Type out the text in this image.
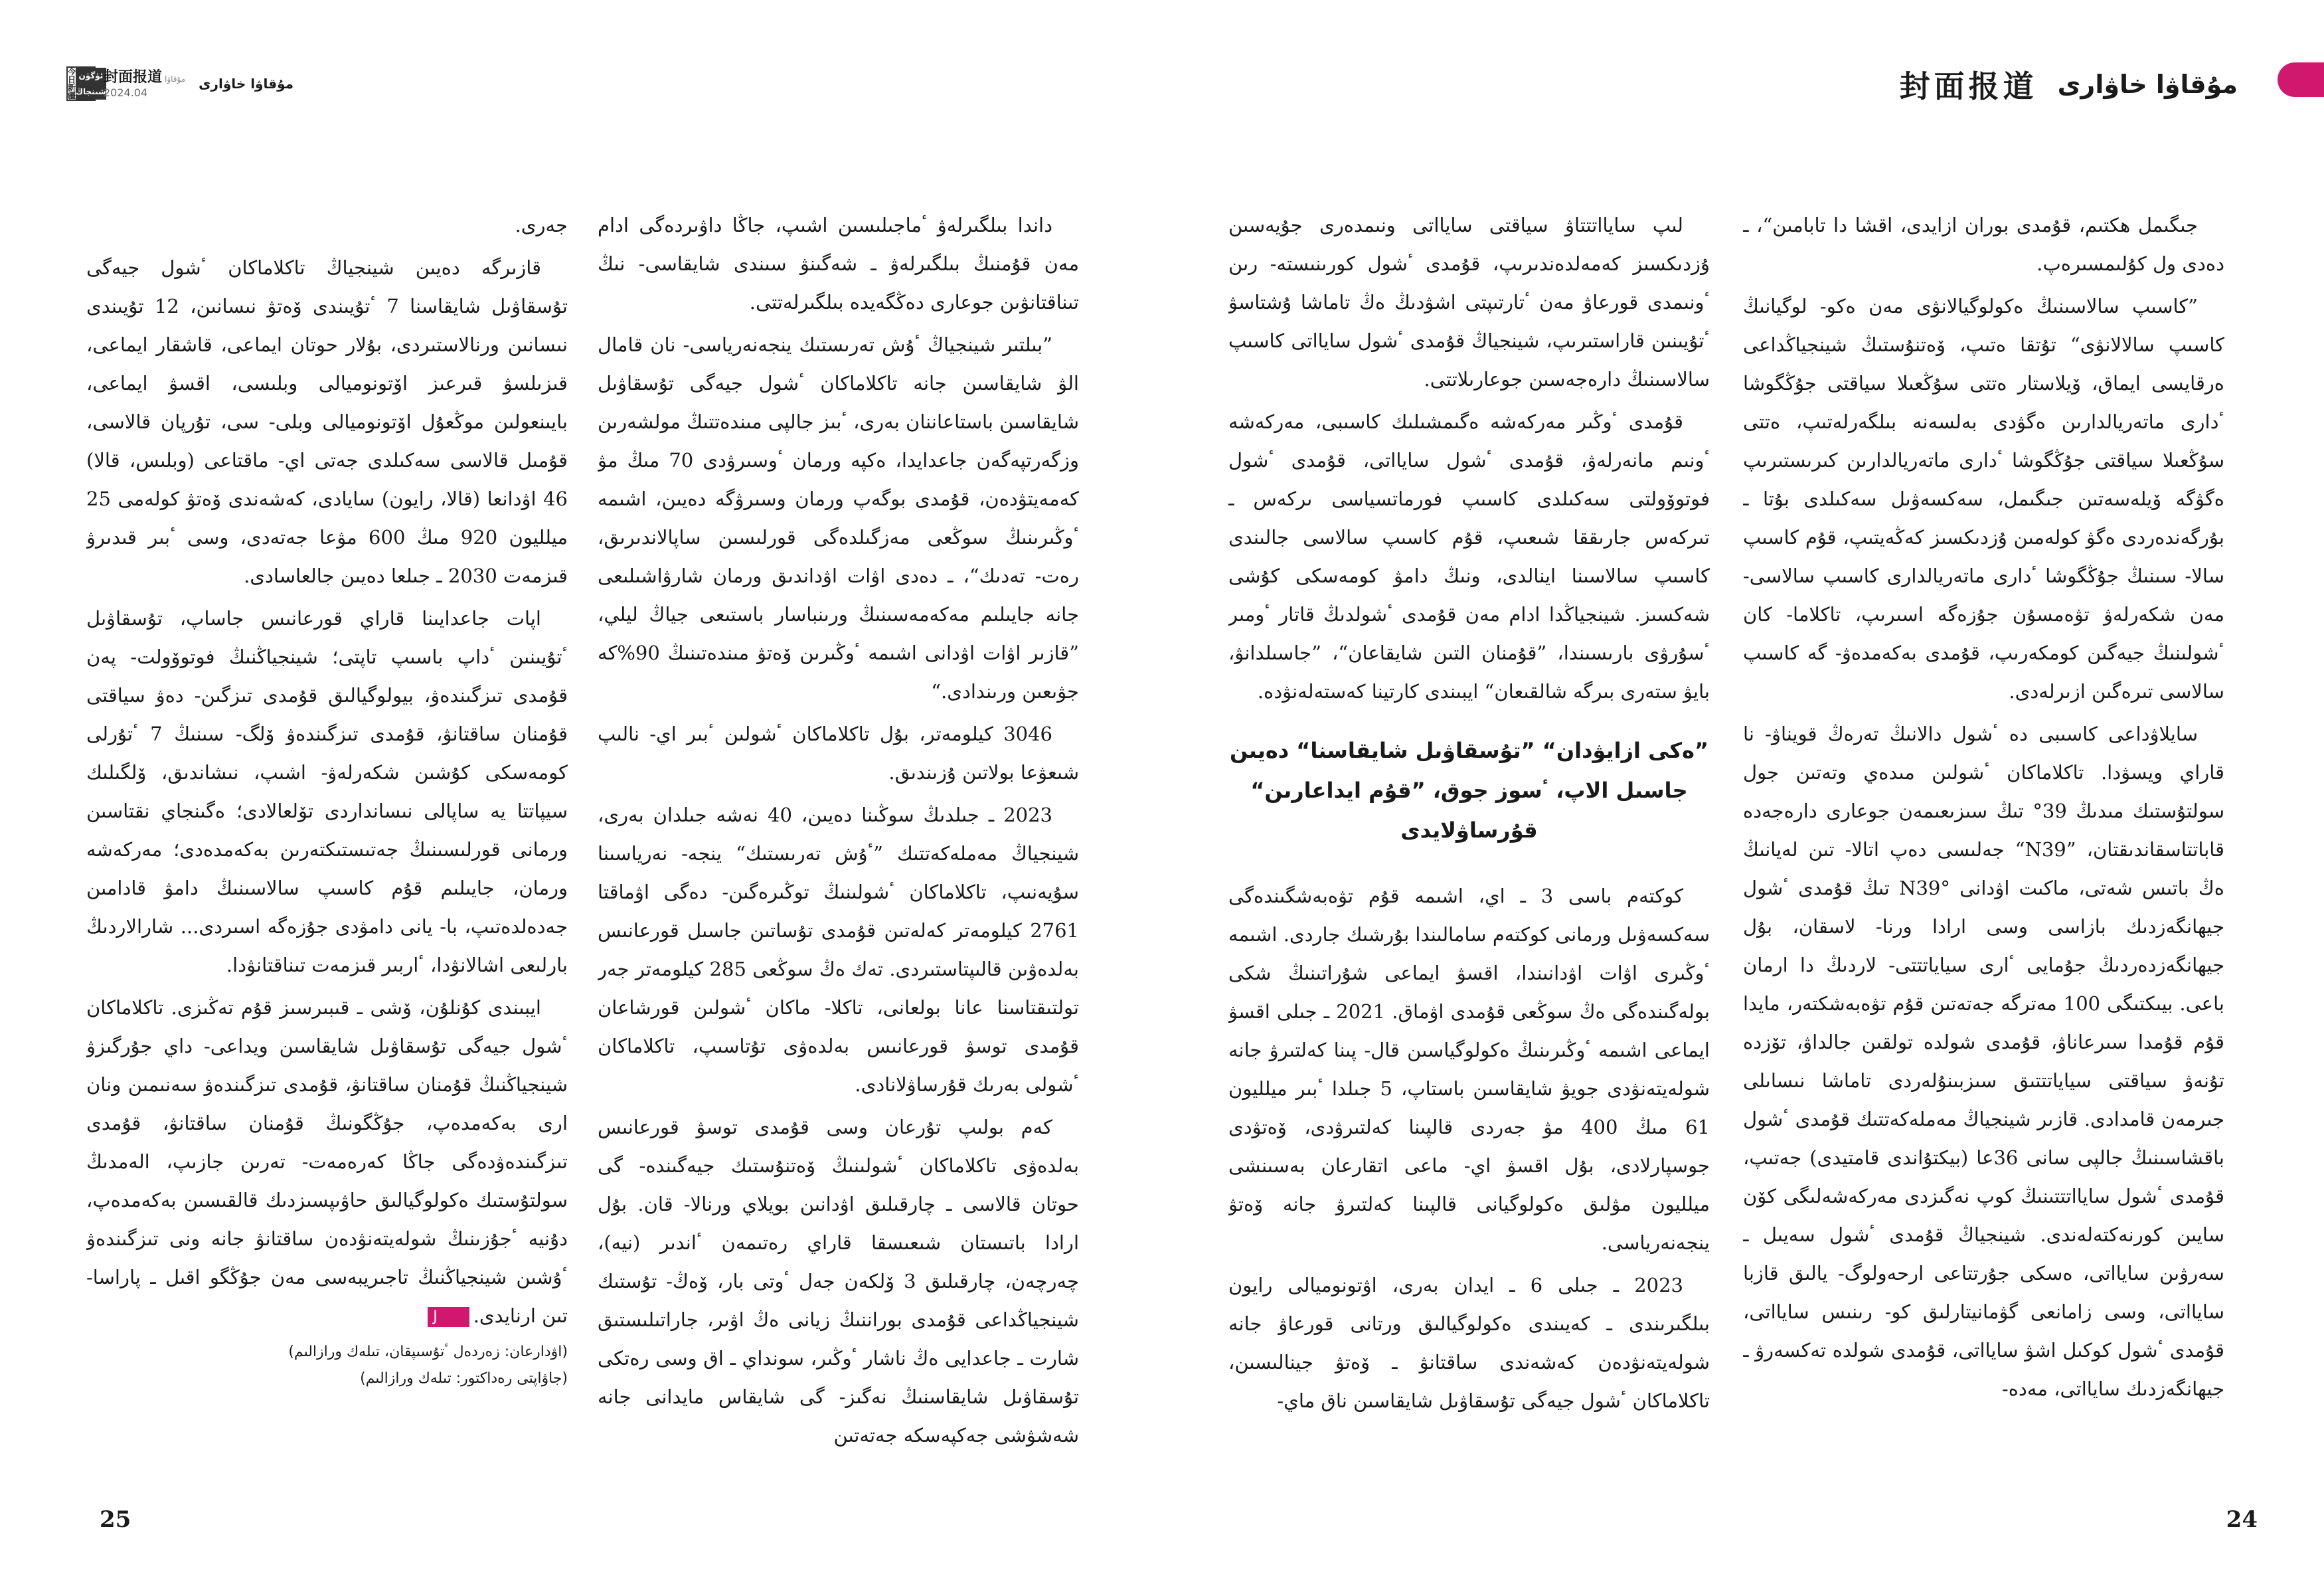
今日 ئۈگۈن
新疆 شىنجاڭ
封面报道 مۇقاۋا
2024.04
مۇقاۋا خاۋارى

داندا بىلگىرلەۋ ٴماجىلىسىن اشىپ، جاڭا داۋىردەگى ادام مەن قۇمنىڭ بىلگىرلەۋ ـ شەگىنۋ سىندى شايقاسى- نىڭ تىناقتانۋىن جوعارى دەڭگەيدە بىلگىرلەتتى.

”بىلتىر شينجياڭ ٴۇش تەرىستىك ينجەنەرياسى- نان قامال الۋ شايقاسىن جانە تاكلاماكان ٴشول جيەگى تۇسقاۋىل شايقاسىن باستاعاننان بەرى، ٴبىز جالپى مىندەتتىڭ مولشەرىن وزگەرتپەگەن جاعدايدا، ەكپە ورمان ٴوسىرۋدى 70 مىڭ مۋ كەمەيتۋدەن، قۇمدى بوگەپ ورمان وسىرۋگە دەيىن، اشىمە ٴوڭىرىنىڭ سوڭعى مەزگىلدەگى قورلىسىن ساپالاندىرىق، رەت- تەدىك“، ـ دەدى اۋات اۋداندىق ورمان شارۋاشىلىعى جانە جايىلىم مەكەمەسىنىڭ ورىنباسار باستىعى جياڭ ليلي، ”قازىر اۋات اۋدانى اشىمە ٴوڭىرىن ۆەتۋ مىندەتىنىڭ 90%كە جۋىعىن ورىندادى.“

3046 كيلومەتر، بۇل تاكلاماكان ٴشولىن ٴبىر اي- نالىپ شىعۋعا بولاتىن ۇزىندىق.

2023 ـ جىلدىڭ سوڭىنا دەيىن، 40 نەشە جىلدان بەرى، شينجياڭ مەملەكەتتىك ”ٴۇش تەرىستىك“ ينجە- نەرياسىنا سۇيەنىپ، تاكلاماكان ٴشولىنىڭ توڭىرەگىن- دەگى اۋماقتا 2761 كيلومەتر كەلەتىن قۇمدى تۇساتىن جاسىل قورعانىس بەلدەۋىن قالىپتاستىردى. تەك ەڭ سوڭعى 285 كيلومەتر جەر تولتىقتاسنا عانا بولعانى، تاكلا- ماكان ٴشولىن قورشاعان قۇمدى توسۋ قورعانىس بەلدەۋى تۇتاسىپ، تاكلاماكان ٴشولى بەرىك قۇرساۋلانادى.

كەم بولىپ تۇرعان وسى قۇمدى توسۋ قورعانىس بەلدەۋى تاكلاماكان ٴشولىنىڭ ۆەتنۇستىك جيەگىندە- گى حوتان قالاسى ـ چارقىلىق اۋدانىن بويلاي ورنالا- قان. بۇل ارادا باتىستان شىعىسقا قاراي رەتىمەن ٴاندىر (نيە)، چەرچەن، چارقىلىق 3 ۆلكەن جەل ٴوتى بار، ۆەڭ- تۇستىك شينجياڭداعى قۇمدى بوراننىڭ زيانى ەڭ اۋىر، جاراتىلىستىق شارت ـ جاعدايى ەڭ ناشار ٴوڭىر، سونداي ـ اق وسى رەتكى تۇسقاۋىل شايقاسنىڭ نەگىز- گى شايقاس مايدانى جانە شەشۋشى جەكپەسكە جەتەتىن

جەرى.

قازىرگە دەيىن شينجياڭ تاكلاماكان ٴشول جيەگى تۇسقاۋىل شايقاسنا 7 ٴتۇيىندى ۆەتۋ نىسانىن، 12 تۇيىندى نىسانىن ورنالاستىردى، بۇلار حوتان ايماعى، قاشقار ايماعى، قىزىلسۋ قىرعىز اۆتونوميالى وبلىسى، اقسۋ ايماعى، بايىنعولىن موڭعۇل اۆتونوميالى وبلى- سى، تۇرپان قالاسى، قۇمىل قالاسى سەكىلدى جەتى اي- ماقتاعى (وبلىس، قالا) 46 اۋدانعا (قالا، رايون) سايادى، كەشەندى ۆەتۋ كولەمى 25 ميلليون 920 مىڭ 600 مۋعا جەتەدى، وسى ٴبىر قىدىرۋ قىزمەت 2030 ـ جىلعا دەيىن جالعاسادى.

اپات جاعدايىنا قاراي قورعانىس جاساپ، تۇسقاۋىل ٴتۇيىنىن ٴداپ باسىپ تاپتى؛ شينجياڭنىڭ فوتوۆولت- پەن قۇمدى تىزگىندەۋ، بيولوگيالىق قۇمدى تىزگىن- دەۋ سياقتى قۇمنان ساقتانۋ، قۇمدى تىزگىندەۋ ۆلگ- سىنىڭ 7 ٴتۇرلى كومەسكى كۇشىن شكەرلەۋ- اشىپ، نىشاندىق، ۆلگىلىك سيپاتتا يە ساپالى نىسانداردى تۆلعالادى؛ ەگىنجاي نقتاسىن ورمانى قورلىسىنىڭ جەتىستىكتەرىن بەكەمدەدى؛ مەركەشە ورمان، جايىلىم قۇم كاسىپ سالاسىنىڭ دامۋ قادامىن جەدەلدەتىپ، با- يانى دامۋدى جۇزەگە اسىردى... شارالاردىڭ بارلىعى اشالانۋدا، ٴاربىر قىزمەت تىناقتانۋدا.

ايبىندى كۇنلۇن، ۆشى ـ قىبىرسىز قۇم تەڭىزى. تاكلاماكان ٴشول جيەگى تۇسقاۋىل شايقاسىن ويداعى- داي جۇرگىزۋ شينجياڭنىڭ قۇمنان ساقتانۋ، قۇمدى تىزگىندەۋ سەنىمىن ونان ارى بەكەمدەپ، جۇڭگونىڭ قۇمنان ساقتانۋ، قۇمدى تىزگىندەۋدەگى جاڭا كەرەمەت- تەرىن جازىپ، الەمدىڭ سولتۇستىك ەكولوگيالىق حاۋىپسىزدىك قالقىسىن بەكەمدەپ، دۇنيە ٴجۇزىنىڭ شولەيتەنۋدەن ساقتانۋ جانە ونى تىزگىندەۋ ٴۇشىن شينجياڭنىڭ تاجىريبەسى مەن جۇڭگو اقىل ـ پاراسا- تىن ارنايدى.J

(اۋدارعان: زەردەل ٴتۇسىپقان، تىلەك ورازالىم)
(جاۋاپتى رەداكتور: تىلەك ورازالىم)
25
封面报道 مۇقاۋا خاۋارى

جىگىمل ھكتىم، قۇمدى بوران ازايدى، اقشا دا تابامىن“، ـ دەدى ول كۇلىمسىرەپ.

”كاسىپ سالاسىنىڭ ەكولوگيالانۋى مەن ەكو- لوگيانىڭ كاسىپ سالالانۋى“ تۇتقا ەتىپ، ۆەتنۇستىڭ شينجياڭداعى ەرقايسى ايماق، ۆيلاستار ەتتى سۇڭعىلا سياقتى جۇڭگوشا ٴدارى ماتەريالدارىن ەگۋدى بەلسەنە بىلگەرلەتىپ، ەتتى سۇڭعىلا سياقتى جۇڭگوشا ٴدارى ماتەريالدارىن كىرىستىرىپ ەگۋگە ۆيلەسەتىن جىگىمل، سەكسەۋىل سەكىلدى بۇتا ـ بۇرگەندەردى ەگۋ كولەمىن ۇزدىكسىز كەڭەيتىپ، قۇم كاسىپ سالا- سىنىڭ جۇڭگوشا ٴدارى ماتەريالدارى كاسىپ سالاسى- مەن شكەرلەۋ تۋەمسۇن جۇزەگە اسىرىپ، تاكلاما- كان ٴشولىنىڭ جيەگىن كومكەرىپ، قۇمدى بەكەمدەۋ- گە كاسىپ سالاسى تىرەگىن ازىرلەدى.

سايلاۋداعى كاسىبى دە ٴشول دالانىڭ تەرەڭ قويناۋ- نا قاراي ويسۋدا. تاكلاماكان ٴشولىن مىدەي وتەتىن جول سولتۇستىك مىدىڭ 39° تىڭ سىزىعىمەن جوعارى دارەجەدە قاباتتاسقاندىقتان، ”N39“ جەلىسى دەپ اتالا- تىن لەيانىڭ ەڭ باتىس شەتى، ماكىت اۋدانى N39° تىڭ قۇمدى ٴشول جيھانگەزدىك بازاسى وسى ارادا ورنا- لاسقان، بۇل جيھانگەزدەردىڭ جۇمايى ٴارى سياياتتتى- لاردىڭ دا ارمان باعى. بيىكتىگى 100 مەترگە جەتەتىن قۇم تۋەبەشكتەر، مايدا قۇم قۇمدا سىرعاناۋ، قۇمدى شولدە تولقىن جالداۋ، تۆزدە تۇنەۋ سياقتى سياياتتتىق سىزبىنۇلەردى تاماشا نىساىلى جىرمەن قامدادى. قازىر شينجياڭ مەملەكەتتىك قۇمدى ٴشول باقشاسىنىڭ جالپى سانى 36عا (بيكتۇاندى قامتيدى) جەتىپ، قۇمدى ٴشول سايااتتتىنىڭ كوپ نەگىزدى مەركەشەلىگى كۆن سايىن كورنەكتەلەندى. شينجياڭ قۇمدى ٴشول سەيىل ـ سەرۋىن سايااتى، ەسكى جۇرتتاعى ارحەولوگ- يالىق قازبا سايااتى، وسى زامانعى گۋمانيتارلىق كو- رىنىس سايااتى، قۇمدى ٴشول كوكىل اشۋ سايااتى، قۇمدى شولدە تەكسەرۋ ـ جيھانگەزدىك سايااتى، مەدە-

لىپ سايااتتتاۋ سياقتى سايااتى ونىمدەرى جۇيەسىن ۇزدىكسىز كەمەلدەندىرىپ، قۇمدى ٴشول كورىنىستە- رىن ٴونىمدى قورعاۋ مەن ٴتارتىپتى اشۋدىڭ ەڭ تاماشا ۇشتاسۋ ٴتۇيىنىن قاراستىرىپ، شينجياڭ قۇمدى ٴشول سايااتى كاسىپ سالاسىنىڭ دارەجەسىن جوعارىلاتتى.

قۇمدى ٴوڭىر مەركەشە ەگىمشىلىك كاسىبى، مەركەشە ٴونىم مانەرلەۋ، قۇمدى ٴشول سايااتى، قۇمدى ٴشول فوتوۆولتى سەكىلدى كاسىپ فورماتسياسى ىركەس ـ تىركەس جارىققا شىعىپ، قۇم كاسىپ سالاسى جالىندى كاسىپ سالاسىنا اينالدى، ونىڭ دامۋ كومەسكى كۇشى شەكسىز. شينجياڭدا ادام مەن قۇمدى ٴشولدىڭ قاتار ٴومىر ٴسۇرۋى بارىسىندا، ”قۇمنان التىن شايقاعان“، ”جاسىلدانۋ، بايۋ ستەرى بىرگە شالقىعان“ ايبىندى كارتينا كەستەلەنۋدە.

”ەكى ازايۋدان“ ”تۇسقاۋىل شايقاسنا“ دەيىن جاسىل الاپ، ٴسوز جوق، ”قۇم ايداعارىن“ قۇرساۋلايدى

كوكتەم باسى 3 ـ اي، اشىمە قۇم تۋەبەشگىندەگى سەكسەۋىل ورمانى كوكتەم سامالىندا بۇرشىك جاردى. اشىمە ٴوڭىرى اۋات اۋدانىندا، اقسۋ ايماعى شۇراتىنىڭ شكى بولەگىندەگى ەڭ سوڭعى قۇمدى اۋماق. 2021 ـ جىلى اقسۋ ايماعى اشىمە ٴوڭىرىنىڭ ەكولوگياسىن قال- پىنا كەلتىرۋ جانە شولەيتەنۋدى جويۋ شايقاسىن باستاپ، 5 جىلدا ٴبىر ميلليون 61 مىڭ 400 مۋ جەردى قالپىنا كەلتىرۋدى، ۆەتۋدى جوسپارلادى، بۇل اقسۋ اي- ماعى اتقارعان بەسىنشى ميلليون مۋلىق ەكولوگيانى قالپىنا كەلتىرۋ جانە ۆەتۋ ينجەنەرياسى.

2023 ـ جىلى 6 ـ ايدان بەرى، اۋتونوميالى رايون بىلگىرىندى ـ كەيىندى ەكولوگيالىق ورتانى قورعاۋ جانە شولەيتەنۋدەن كەشەندى ساقتانۋ ـ ۆەتۋ جينالىسىن، تاكلاماكان ٴشول جيەگى تۇسقاۋىل شايقاسىن ناق ماي-

24
